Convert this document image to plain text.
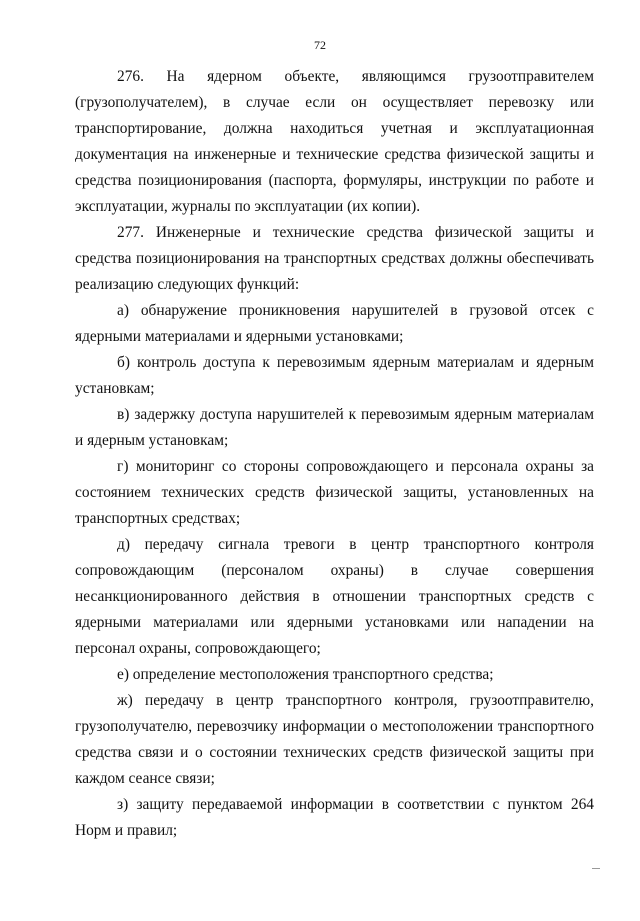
72

276. На ядерном объекте, являющимся грузоотправителем (грузополучателем), в случае если он осуществляет перевозку или транспортирование, должна находиться учетная и эксплуатационная документация на инженерные и технические средства физической защиты и средства позиционирования (паспорта, формуляры, инструкции по работе и эксплуатации, журналы по эксплуатации (их копии).

277. Инженерные и технические средства физической защиты и средства позиционирования на транспортных средствах должны обеспечивать реализацию следующих функций:

а) обнаружение проникновения нарушителей в грузовой отсек с ядерными материалами и ядерными установками;

б) контроль доступа к перевозимым ядерным материалам и ядерным установкам;

в) задержку доступа нарушителей к перевозимым ядерным материалам и ядерным установкам;

г) мониторинг со стороны сопровождающего и персонала охраны за состоянием технических средств физической защиты, установленных на транспортных средствах;

д) передачу сигнала тревоги в центр транспортного контроля сопровождающим (персоналом охраны) в случае совершения несанкционированного действия в отношении транспортных средств с ядерными материалами или ядерными установками или нападении на персонал охраны, сопровождающего;

е) определение местоположения транспортного средства;

ж) передачу в центр транспортного контроля, грузоотправителю, грузополучателю, перевозчику информации о местоположении транспортного средства связи и о состоянии технических средств физической защиты при каждом сеансе связи;

з) защиту передаваемой информации в соответствии с пунктом 264 Норм и правил;
